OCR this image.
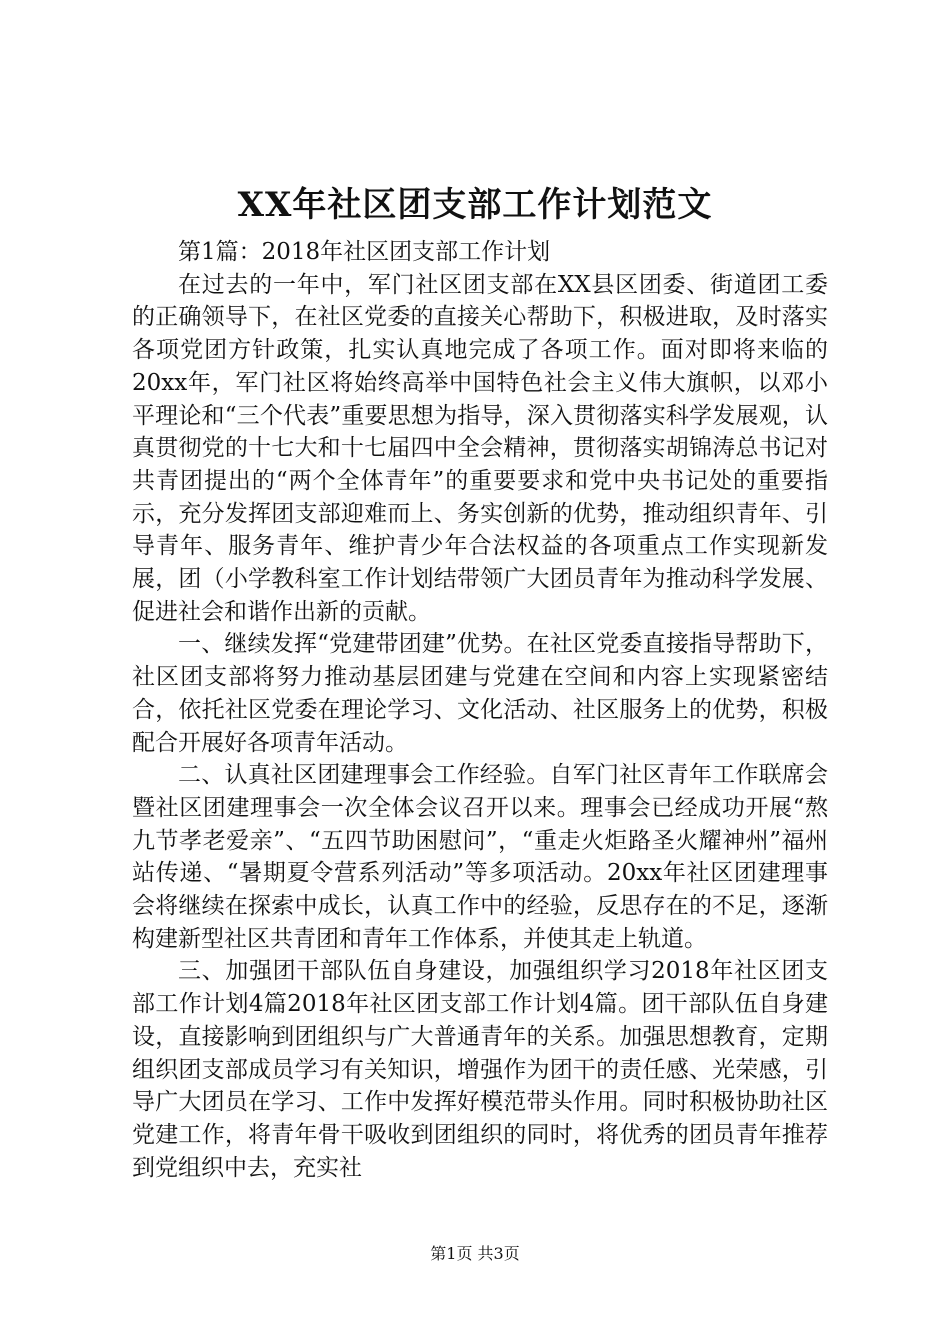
XX年社区团支部工作计划范文

第1篇：2018年社区团支部工作计划

在过去的一年中，军门社区团支部在XX县区团委、街道团工委的正确领导下，在社区党委的直接关心帮助下，积极进取，及时落实各项党团方针政策，扎实认真地完成了各项工作。面对即将来临的20xx年，军门社区将始终高举中国特色社会主义伟大旗帜，以邓小平理论和“三个代表”重要思想为指导，深入贯彻落实科学发展观，认真贯彻党的十七大和十七届四中全会精神，贯彻落实胡锦涛总书记对共青团提出的“两个全体青年”的重要要求和党中央书记处的重要指示，充分发挥团支部迎难而上、务实创新的优势，推动组织青年、引导青年、服务青年、维护青少年合法权益的各项重点工作实现新发展，团（小学教科室工作计划结带领广大团员青年为推动科学发展、促进社会和谐作出新的贡献。

一、继续发挥“党建带团建”优势。在社区党委直接指导帮助下，社区团支部将努力推动基层团建与党建在空间和内容上实现紧密结合，依托社区党委在理论学习、文化活动、社区服务上的优势，积极配合开展好各项青年活动。

二、认真社区团建理事会工作经验。自军门社区青年工作联席会暨社区团建理事会一次全体会议召开以来。理事会已经成功开展“熬九节孝老爱亲”、“五四节助困慰问”，“重走火炬路圣火耀神州”福州站传递、“暑期夏令营系列活动”等多项活动。20xx年社区团建理事会将继续在探索中成长，认真工作中的经验，反思存在的不足，逐渐构建新型社区共青团和青年工作体系，并使其走上轨道。

三、加强团干部队伍自身建设，加强组织学习2018年社区团支部工作计划4篇2018年社区团支部工作计划4篇。团干部队伍自身建设，直接影响到团组织与广大普通青年的关系。加强思想教育，定期组织团支部成员学习有关知识，增强作为团干的责任感、光荣感，引导广大团员在学习、工作中发挥好模范带头作用。同时积极协助社区党建工作，将青年骨干吸收到团组织的同时，将优秀的团员青年推荐到党组织中去，充实社

第1页 共3页
